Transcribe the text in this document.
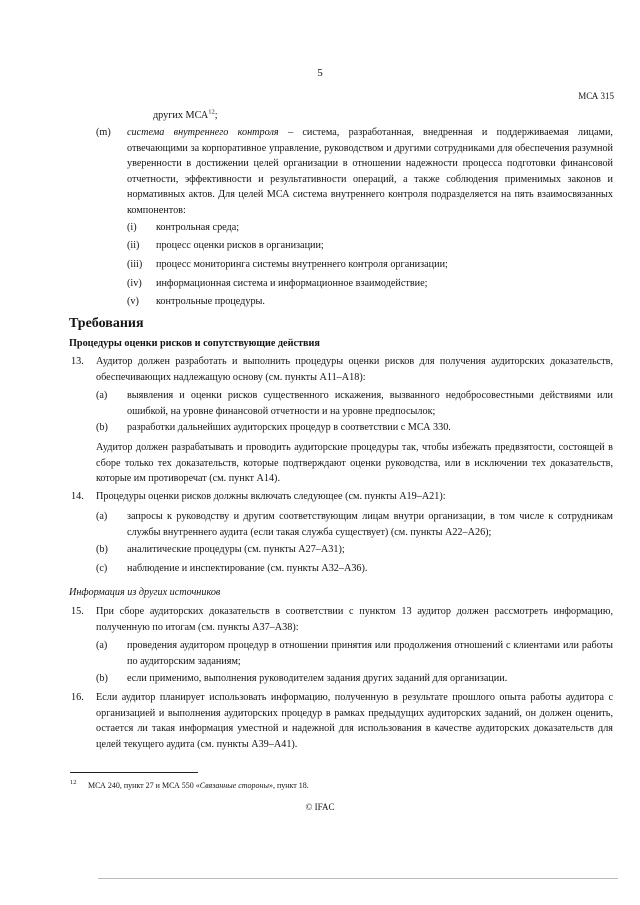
5
МСА 315
других МСА$^{12}$;
(m) система внутреннего контроля – система, разработанная, внедренная и поддерживаемая лицами, отвечающими за корпоративное управление, руководством и другими сотрудниками для обеспечения разумной уверенности в достижении целей организации в отношении надежности процесса подготовки финансовой отчетности, эффективности и результативности операций, а также соблюдения применимых законов и нормативных актов. Для целей МСА система внутреннего контроля подразделяется на пять взаимосвязанных компонентов:
(i) контрольная среда;
(ii) процесс оценки рисков в организации;
(iii) процесс мониторинга системы внутреннего контроля организации;
(iv) информационная система и информационное взаимодействие;
(v) контрольные процедуры.
Требования
Процедуры оценки рисков и сопутствующие действия
13. Аудитор должен разработать и выполнить процедуры оценки рисков для получения аудиторских доказательств, обеспечивающих надлежащую основу (см. пункты А11–А18):
(a) выявления и оценки рисков существенного искажения, вызванного недобросовестными действиями или ошибкой, на уровне финансовой отчетности и на уровне предпосылок;
(b) разработки дальнейших аудиторских процедур в соответствии с МСА 330.
Аудитор должен разрабатывать и проводить аудиторские процедуры так, чтобы избежать предвзятости, состоящей в сборе только тех доказательств, которые подтверждают оценки руководства, или в исключении тех доказательств, которые им противоречат (см. пункт А14).
14. Процедуры оценки рисков должны включать следующее (см. пункты А19–А21):
(a) запросы к руководству и другим соответствующим лицам внутри организации, в том числе к сотрудникам службы внутреннего аудита (если такая служба существует) (см. пункты А22–А26);
(b) аналитические процедуры (см. пункты А27–А31);
(c) наблюдение и инспектирование (см. пункты А32–А36).
Информация из других источников
15. При сборе аудиторских доказательств в соответствии с пунктом 13 аудитор должен рассмотреть информацию, полученную по итогам (см. пункты А37–А38):
(a) проведения аудитором процедур в отношении принятия или продолжения отношений с клиентами или работы по аудиторским заданиям;
(b) если применимо, выполнения руководителем задания других заданий для организации.
16. Если аудитор планирует использовать информацию, полученную в результате прошлого опыта работы аудитора с организацией и выполнения аудиторских процедур в рамках предыдущих аудиторских заданий, он должен оценить, остается ли такая информация уместной и надежной для использования в качестве аудиторских доказательств для целей текущего аудита (см. пункты А39–А41).
12 МСА 240, пункт 27 и МСА 550 «Связанные стороны», пункт 18.
© IFAC
